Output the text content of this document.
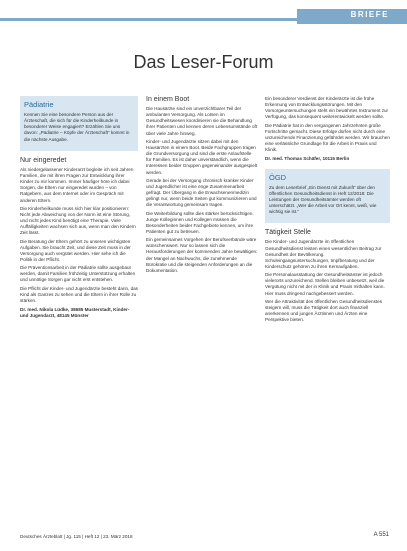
BRIEFE
Das Leser-Forum
Pädiatrie

Kennen Sie eine besondere Person aus der Ärzteschaft, die sich für die Kinderheilkunde in besonderer Weise engagiert? Erzählen Sie uns davon: „Pädiatrie – Köpfe der Ärzteschaft“ kommt in die nächste Ausgabe.

Nur eingeredet

Als niedergelassener Kinderarzt begleite ich seit Jahren Familien, die mit ihren Fragen zur Entwicklung ihrer Kinder zu mir kommen. Immer häufiger höre ich dabei Sorgen, die Eltern nur eingeredet wurden – von Ratgebern, aus dem Internet oder im Gespräch mit anderen Eltern.

Die Kinderheilkunde muss sich hier klar positionieren: Nicht jede Abweichung von der Norm ist eine Störung, und nicht jedes Kind benötigt eine Therapie. Viele Auffälligkeiten wachsen sich aus, wenn man den Kindern Zeit lässt.

Die Beratung der Eltern gehört zu unseren wichtigsten Aufgaben. Sie braucht Zeit, und diese Zeit muss in der Versorgung auch vergütet werden. Hier sehe ich die Politik in der Pflicht.

Die Präventionsarbeit in der Pädiatrie sollte ausgebaut werden, damit Familien frühzeitig Unterstützung erhalten und unnötige Sorgen gar nicht erst entstehen.

Die Pflicht der Kinder- und Jugendärzte besteht darin, das Kind als Ganzes zu sehen und die Eltern in ihrer Rolle zu stärken.

Dr. med. Nikola Lüdke, 38685 Musterstadt, Kinder- und Jugendarzt, 48145 Münster

In einem Boot

Die Hausärzte sind ein unverzichtbarer Teil der ambulanten Versorgung. Als Lotsen im Gesundheitswesen koordinieren sie die Behandlung ihrer Patienten und kennen deren Lebensumstände oft über viele Jahre hinweg.

Kinder- und Jugendärzte sitzen dabei mit den Hausärzten in einem Boot. Beide Fachgruppen tragen die Grundversorgung und sind die erste Anlaufstelle für Familien. Es ist daher unverständlich, wenn die Interessen beider Gruppen gegeneinander ausgespielt werden.

Gerade bei der Versorgung chronisch kranker Kinder und Jugendlicher ist eine enge Zusammenarbeit gefragt. Der Übergang in die Erwachsenenmedizin gelingt nur, wenn beide Seiten gut kommunizieren und die Verantwortung gemeinsam tragen.

Die Weiterbildung sollte dies stärker berücksichtigen. Junge Kolleginnen und Kollegen müssen die Besonderheiten beider Fachgebiete kennen, um ihre Patienten gut zu betreuen.

Ein gemeinsames Vorgehen der Berufsverbände wäre wünschenswert. Nur so lassen sich die Herausforderungen der kommenden Jahre bewältigen: der Mangel an Nachwuchs, die zunehmende Bürokratie und die steigenden Anforderungen an die Dokumentation.

Ein besonderer Verdienst der Kinderärzte ist die frühe Erkennung von Entwicklungsstörungen. Mit den Vorsorgeuntersuchungen steht ein bewährtes Instrument zur Verfügung, das konsequent weiterentwickelt werden sollte.

Die Pädiatrie hat in den vergangenen Jahrzehnten große Fortschritte gemacht. Diese Erfolge dürfen nicht durch eine unzureichende Finanzierung gefährdet werden. Wir brauchen eine verlässliche Grundlage für die Arbeit in Praxis und Klinik.

Dr. med. Thomas Schäfer, 10115 Berlin

ÖGD

Zu dem Leserbrief „Ein Dienst mit Zukunft“ über den öffentlichen Gesundheitsdienst in Heft 12/2018: Die Leistungen der Gesundheitsämter werden oft unterschätzt. „Wer die Arbeit vor Ort kennt, weiß, wie wichtig sie ist.“

Tätigkeit Stelle

Die Kinder- und Jugendärzte im öffentlichen Gesundheitsdienst leisten einen wesentlichen Beitrag zur Gesundheit der Bevölkerung. Schuleingangsuntersuchungen, Impfberatung und der Kinderschutz gehören zu ihren Kernaufgaben.

Die Personalausstattung der Gesundheitsämter ist jedoch vielerorts unzureichend. Stellen bleiben unbesetzt, weil die Vergütung nicht mit der in Klinik und Praxis mithalten kann. Hier muss dringend nachgebessert werden.

Wer die Attraktivität des öffentlichen Gesundheitsdienstes steigern will, muss die Tätigkeit dort auch finanziell anerkennen und jungen Ärztinnen und Ärzten eine Perspektive bieten.

Deutsches Ärzteblatt | Jg. 115 | Heft 12 | 23. März 2018	A 551
